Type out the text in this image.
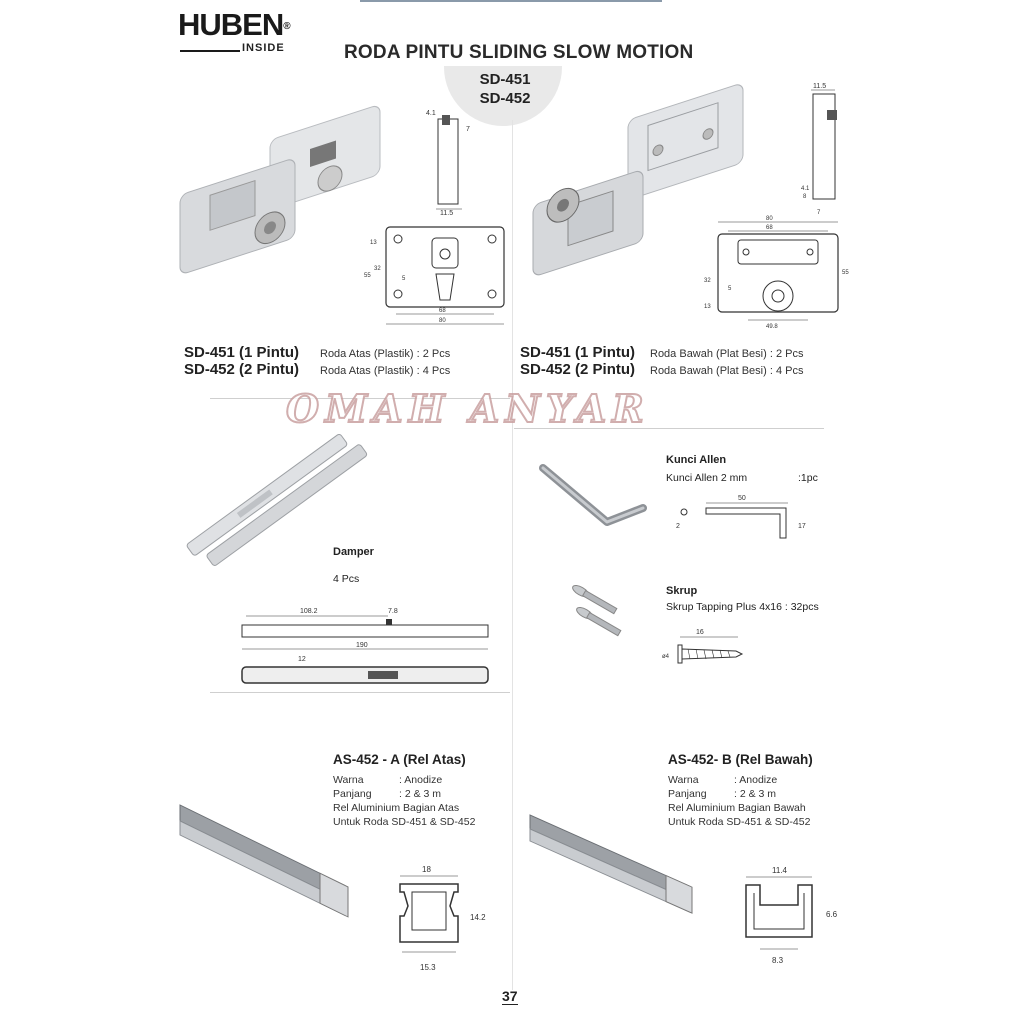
HUBEN®
INSIDE	RODA PINTU SLIDING SLOW MOTION
SD-451
SD-452
4.1
7
11.5
13
55
32
5
68
80
SD-451 (1 Pintu)	Roda Atas (Plastik) : 2 Pcs
SD-452 (2 Pintu)	Roda Atas (Plastik) : 4 Pcs
11.5
4.1
8
7
80
68
55
32
13
5
49.8
SD-451 (1 Pintu)	Roda Bawah (Plat Besi) : 2 Pcs
SD-452 (2 Pintu)	Roda Bawah (Plat Besi) : 4 Pcs
OMAH ANYAR
Damper
4 Pcs
108.2	7.8
190
12
Kunci Allen
Kunci Allen 2 mm	:1pc
50
2	17
Skrup
Skrup Tapping Plus 4x16 : 32pcs
16
ø4
AS-452 - A (Rel Atas)
Warna	: Anodize
Panjang	: 2 & 3 m
Rel Aluminium Bagian Atas
Untuk Roda SD-451 & SD-452
18
14.2
15.3
AS-452- B (Rel Bawah)
Warna	: Anodize
Panjang	: 2 & 3 m
Rel Aluminium Bagian Bawah
Untuk Roda SD-451 & SD-452
11.4
6.6
8.3
37
